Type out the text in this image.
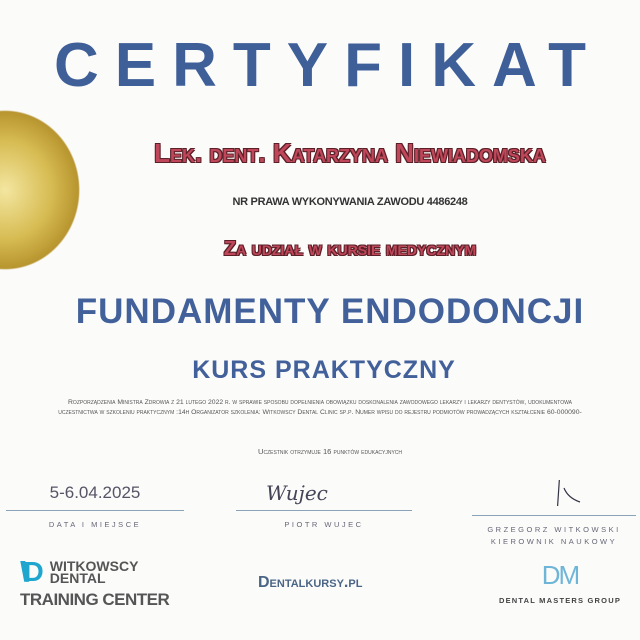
CERTYFIKAT
Lek. dent. Katarzyna Niewiadomska
NR PRAWA WYKONYWANIA ZAWODU 4486248
Za udział w kursie medycznym
FUNDAMENTY ENDODONCJI
KURS PRAKTYCZNY
Rozporządzenia Ministra Zdrowia z 21 lutego 2022 r. w sprawie sposobu dopełnienia obowiązku doskonalenia zawodowego lekarzy i lekarzy dentystów, udokumentowa
uczestnictwa w szkoleniu praktycznym :14h Organizator szkolenia: Witkowscy Dental Clinic sp.p. Numer wpisu do rejestru podmiotów prowadzących kształcenie 60-000090-
Uczestnik otrzymuje 16 punktów edukacyjnych
5-6.04.2025
DATA I MIEJSCE
Wujec
PIOTR WUJEC
GRZEGORZ WITKOWSKI
KIEROWNIK NAUKOWY
\\D WITKOWSCY
DENTAL
TRAINING CENTER
Dentalkursy.pl	DM
DENTAL MASTERS GROUP
